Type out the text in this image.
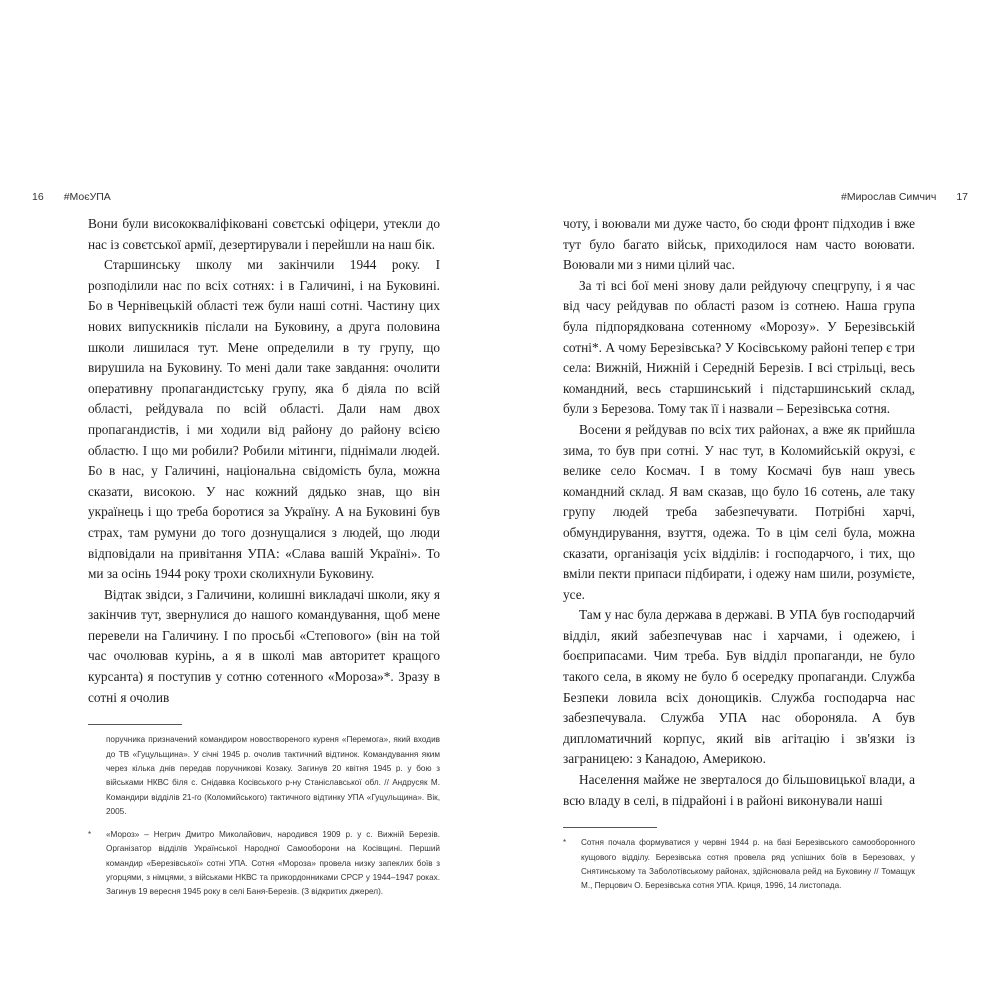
16 #МоєУПА	#Мирослав Симчич 17

Вони були висококваліфіковані совєтські офіцери, утекли до нас із совєтської армії, дезертирували і перейшли на наш бік.

Старшинську школу ми закінчили 1944 року. І розподілили нас по всіх сотнях: і в Галичині, і на Буковині. Бо в Чернівецькій області теж були наші сотні. Частину цих нових випускників післали на Буковину, а друга половина школи лишилася тут. Мене определили в ту групу, що вирушила на Буковину. То мені дали таке завдання: очолити оперативну пропагандистську групу, яка б діяла по всій області, рейдувала по всій області. Дали нам двох пропагандистів, і ми ходили від району до району всією областю. І що ми робили? Робили мітинги, піднімали людей. Бо в нас, у Галичині, національна свідомість була, можна сказати, високою. У нас кожний дядько знав, що він українець і що треба боротися за Україну. А на Буковині був страх, там румуни до того дознущалися з людей, що люди відповідали на привітання УПА: «Слава вашій Україні». То ми за осінь 1944 року трохи сколихнули Буковину.

Відтак звідси, з Галичини, колишні викладачі школи, яку я закінчив тут, звернулися до нашого командування, щоб мене перевели на Галичину. І по просьбі «Степового» (він на той час очолював курінь, а я в школі мав авторитет кращого курсанта) я поступив у сотню сотенного «Мороза»*. Зразу в сотні я очолив

поручника призначений командиром новоствореного куреня «Перемога», який входив до ТВ «Гуцульщина». У січні 1945 р. очолив тактичний відтинок. Командування яким через кілька днів передав поручникові Козаку. Загинув 20 квітня 1945 р. у бою з військами НКВС біля с. Снідавка Косівського р-ну Станіславської обл. // Андрусяк М. Командири відділів 21-го (Коломийського) тактичного відтинку УПА «Гуцульщина». Вік, 2005.
* «Мороз» – Негрич Дмитро Миколайович, народився 1909 р. у с. Вижній Березів. Організатор відділів Української Народної Самооборони на Косівщині. Перший командир «Березівської» сотні УПА. Сотня «Мороза» провела низку запеклих боїв з угорцями, з німцями, з військами НКВС та прикордонниками СРСР у 1944–1947 роках. Загинув 19 вересня 1945 року в селі Баня-Березів. (З відкритих джерел).

чоту, і воювали ми дуже часто, бо сюди фронт підходив і вже тут було багато військ, приходилося нам часто воювати. Воювали ми з ними цілий час.

За ті всі бої мені знову дали рейдуючу спецгрупу, і я час від часу рейдував по області разом із сотнею. Наша група була підпорядкована сотенному «Морозу». У Березівській сотні*. А чому Березівська? У Косівському районі тепер є три села: Вижній, Нижній і Середній Березів. І всі стрільці, весь командний, весь старшинський і підстаршинський склад, були з Березова. Тому так її і назвали – Березівська сотня.

Восени я рейдував по всіх тих районах, а вже як прийшла зима, то був при сотні. У нас тут, в Коломийській окрузі, є велике село Космач. І в тому Космачі був наш увесь командний склад. Я вам сказав, що було 16 сотень, але таку групу людей треба забезпечувати. Потрібні харчі, обмундирування, взуття, одежа. То в цім селі була, можна сказати, організація усіх відділів: і господарчого, і тих, що вміли пекти припаси підбирати, і одежу нам шили, розумієте, усе.

Там у нас була держава в державі. В УПА був господарчий відділ, який забезпечував нас і харчами, і одежею, і боєприпасами. Чим треба. Був відділ пропаганди, не було такого села, в якому не було б осередку пропаганди. Служба Безпеки ловила всіх донощиків. Служба господарча нас забезпечувала. Служба УПА нас обороняла. А був дипломатичний корпус, який вів агітацію і зв'язки із заграницею: з Канадою, Америкою.

Населення майже не зверталося до більшовицької влади, а всю владу в селі, в підрайоні і в районі виконували наші

* Сотня почала формуватися у червні 1944 р. на базі Березівського самооборонного кущового відділу. Березівська сотня провела ряд успішних боїв в Березовах, у Снятинському та Заболотівському районах, здійснювала рейд на Буковину // Томащук М., Перцович О. Березівська сотня УПА. Криця, 1996, 14 листопада.
